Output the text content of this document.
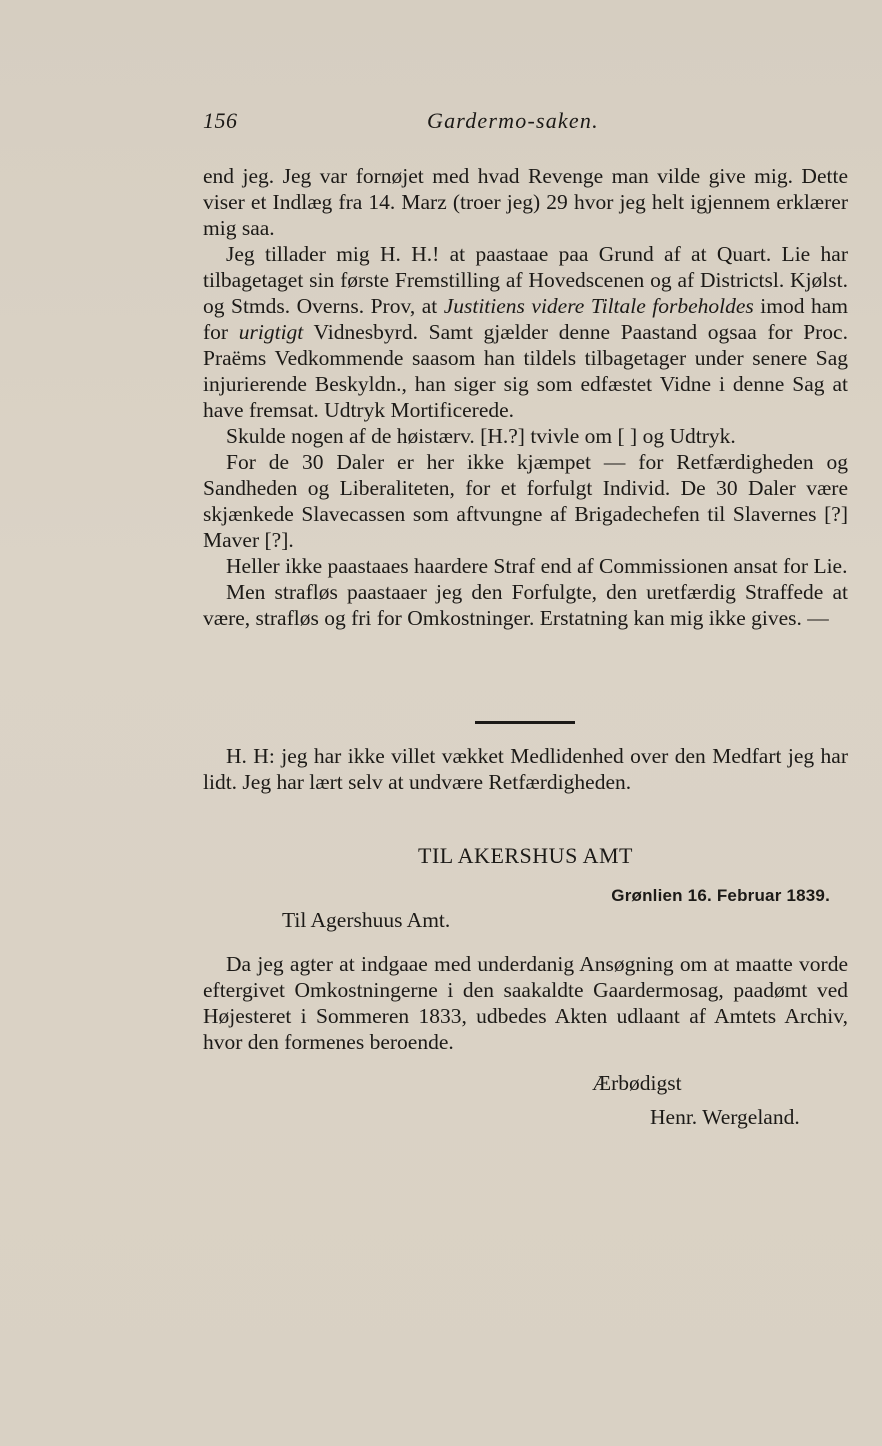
156	Gardermo-saken.

end jeg. Jeg var fornøjet med hvad Revenge man vilde give mig. Dette viser et Indlæg fra 14. Marz (troer jeg) 29 hvor jeg helt igjennem erklærer mig saa.

Jeg tillader mig H. H.! at paastaae paa Grund af at Quart. Lie har tilbagetaget sin første Fremstilling af Hovedscenen og af Districtsl. Kjølst. og Stmds. Overns. Prov, at Justitiens videre Tiltale forbeholdes imod ham for urigtigt Vidnesbyrd. Samt gjælder denne Paastand ogsaa for Proc. Praëms Vedkommende saasom han tildels tilbagetager under senere Sag injurierende Beskyldn., han siger sig som edfæstet Vidne i denne Sag at have fremsat. Udtryk Mortificerede.

Skulde nogen af de høistærv. [H.?] tvivle om [ ] og Udtryk.

For de 30 Daler er her ikke kjæmpet — for Retfærdigheden og Sandheden og Liberaliteten, for et forfulgt Individ. De 30 Daler være skjænkede Slavecassen som aftvungne af Brigadechefen til Slavernes [?] Maver [?].

Heller ikke paastaaes haardere Straf end af Commissionen ansat for Lie.

Men strafløs paastaaer jeg den Forfulgte, den uretfærdig Straffede at være, strafløs og fri for Omkostninger. Erstatning kan mig ikke gives. —

H. H: jeg har ikke villet vækket Medlidenhed over den Medfart jeg har lidt. Jeg har lært selv at undvære Retfærdigheden.

TIL AKERSHUS AMT
Grønlien 16. Februar 1839.
Til Agershuus Amt.

Da jeg agter at indgaae med underdanig Ansøgning om at maatte vorde eftergivet Omkostningerne i den saakaldte Gaardermosag, paadømt ved Højesteret i Sommeren 1833, udbedes Akten udlaant af Amtets Archiv, hvor den formenes beroende.

Ærbødigst
Henr. Wergeland.
